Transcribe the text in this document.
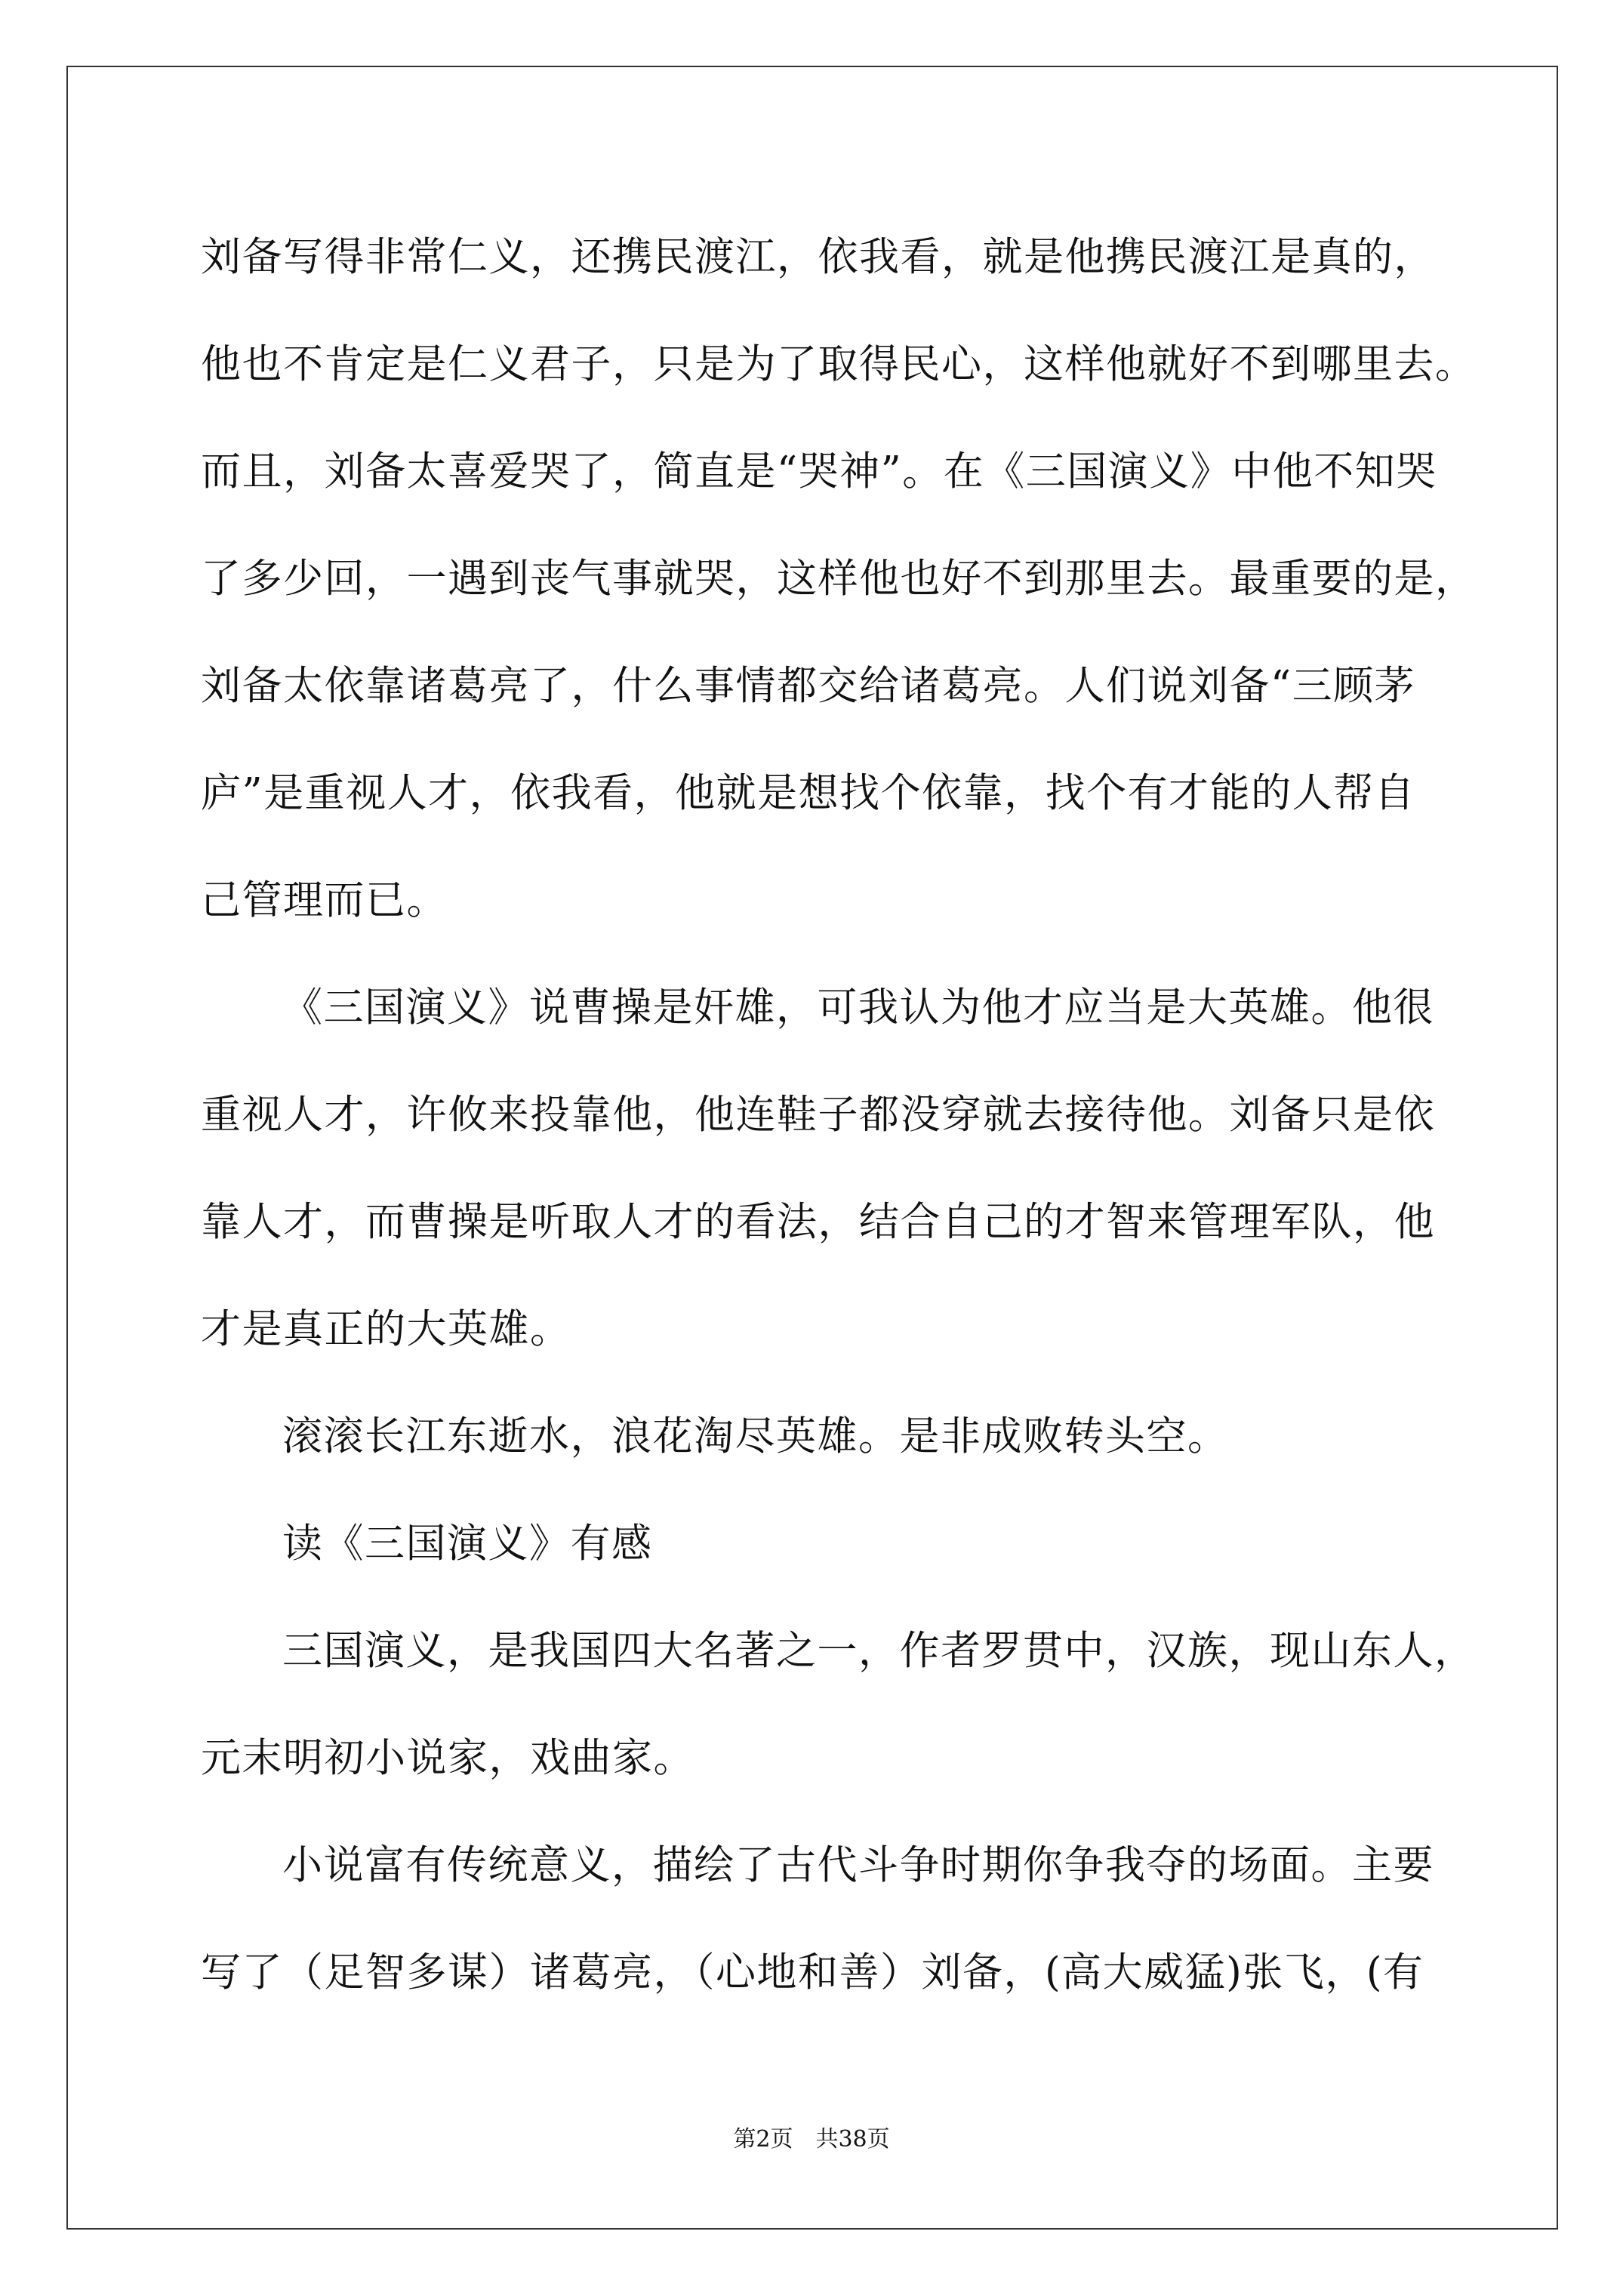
刘备写得非常仁义，还携民渡江，依我看，就是他携民渡江是真的，
他也不肯定是仁义君子，只是为了取得民心，这样他就好不到哪里去。
而且，刘备太喜爱哭了，简直是“哭神”。在《三国演义》中他不知哭
了多少回，一遇到丧气事就哭，这样他也好不到那里去。最重要的是，
刘备太依靠诸葛亮了，什么事情都交给诸葛亮。人们说刘备“三顾茅
庐”是重视人才，依我看，他就是想找个依靠，找个有才能的人帮自
己管理而已。
《三国演义》说曹操是奸雄，可我认为他才应当是大英雄。他很
重视人才，许攸来投靠他，他连鞋子都没穿就去接待他。刘备只是依
靠人才，而曹操是听取人才的看法，结合自己的才智来管理军队，他
才是真正的大英雄。
滚滚长江东逝水，浪花淘尽英雄。是非成败转头空。
读《三国演义》有感
三国演义，是我国四大名著之一，作者罗贯中，汉族，现山东人，
元末明初小说家，戏曲家。
小说富有传统意义，描绘了古代斗争时期你争我夺的场面。主要
写了（足智多谋）诸葛亮，（心地和善）刘备，(高大威猛)张飞，(有
第2页　共38页
